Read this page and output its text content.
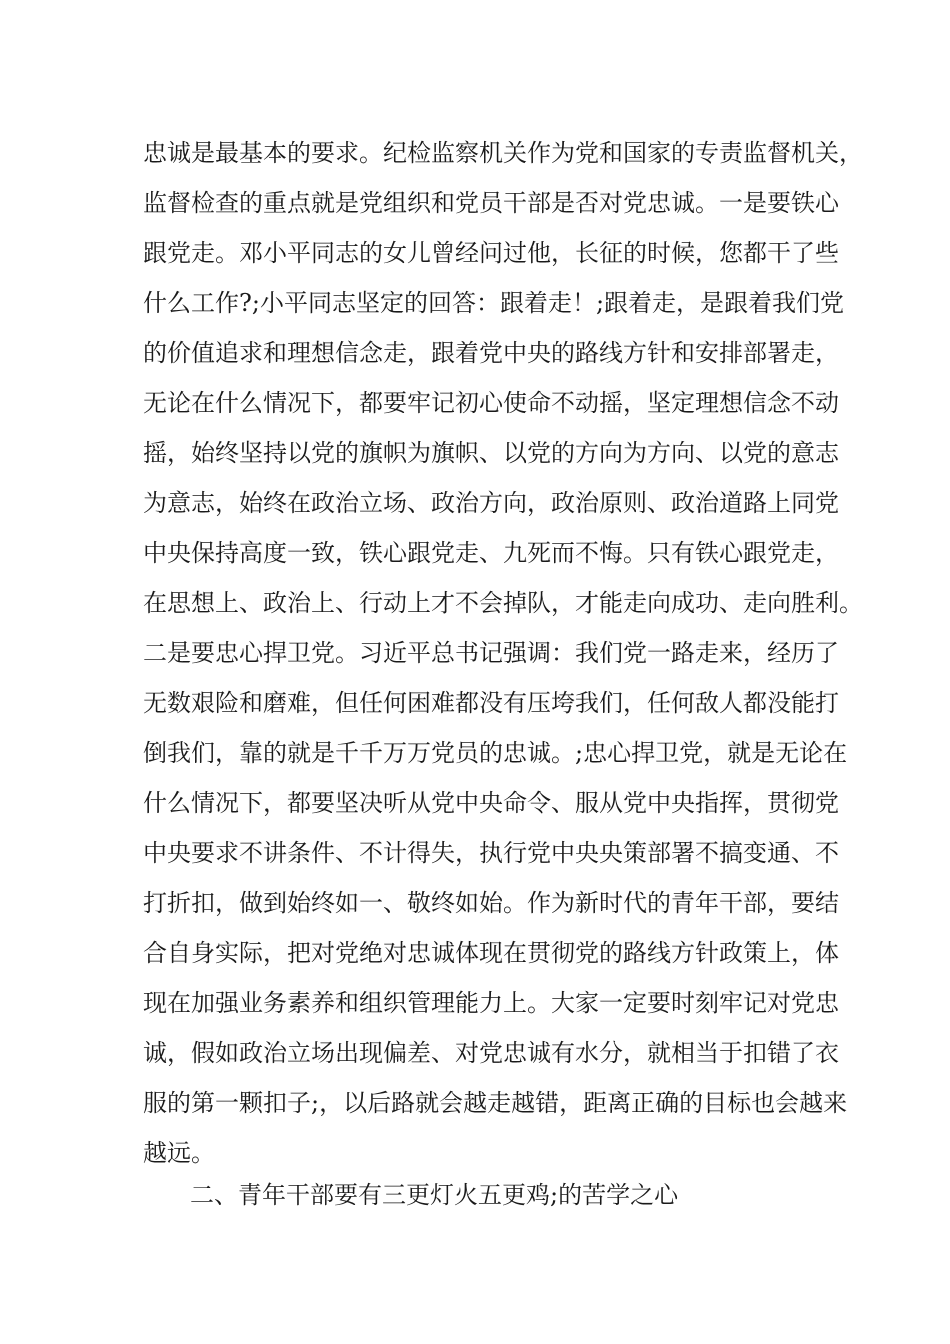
忠诚是最基本的要求。纪检监察机关作为党和国家的专责监督机关，
监督检查的重点就是党组织和党员干部是否对党忠诚。一是要铁心
跟党走。邓小平同志的女儿曾经问过他，长征的时候，您都干了些
什么工作?;小平同志坚定的回答：跟着走！;跟着走，是跟着我们党
的价值追求和理想信念走，跟着党中央的路线方针和安排部署走，
无论在什么情况下，都要牢记初心使命不动摇，坚定理想信念不动
摇，始终坚持以党的旗帜为旗帜、以党的方向为方向、以党的意志
为意志，始终在政治立场、政治方向，政治原则、政治道路上同党
中央保持高度一致，铁心跟党走、九死而不悔。只有铁心跟党走，
在思想上、政治上、行动上才不会掉队，才能走向成功、走向胜利。
二是要忠心捍卫党。习近平总书记强调：我们党一路走来，经历了
无数艰险和磨难，但任何困难都没有压垮我们，任何敌人都没能打
倒我们，靠的就是千千万万党员的忠诚。;忠心捍卫党，就是无论在
什么情况下，都要坚决听从党中央命令、服从党中央指挥，贯彻党
中央要求不讲条件、不计得失，执行党中央央策部署不搞变通、不
打折扣，做到始终如一、敬终如始。作为新时代的青年干部，要结
合自身实际，把对党绝对忠诚体现在贯彻党的路线方针政策上，体
现在加强业务素养和组织管理能力上。大家一定要时刻牢记对党忠
诚，假如政治立场出现偏差、对党忠诚有水分，就相当于扣错了衣
服的第一颗扣子;，以后路就会越走越错，距离正确的目标也会越来
越远。
二、青年干部要有三更灯火五更鸡;的苦学之心
